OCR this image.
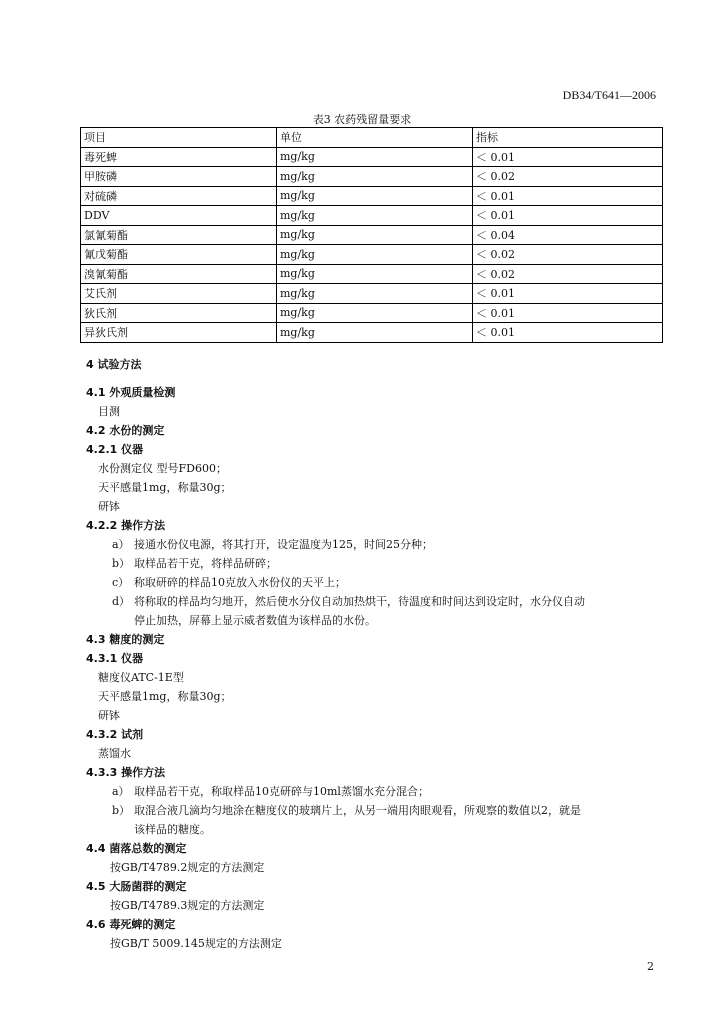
DB34/T641—2006
表3 农药残留量要求
项目	单位	指标
毒死蜱	mg/kg	＜ 0.01
甲胺磷	mg/kg	＜ 0.02
对硫磷	mg/kg	＜ 0.01
DDV	mg/kg	＜ 0.01
氯氰菊酯	mg/kg	＜ 0.04
氰戊菊酯	mg/kg	＜ 0.02
溴氰菊酯	mg/kg	＜ 0.02
艾氏剂	mg/kg	＜ 0.01
狄氏剂	mg/kg	＜ 0.01
异狄氏剂	mg/kg	＜ 0.01
4 试验方法
4.1 外观质量检测
目测
4.2 水份的测定
4.2.1 仪器
水份测定仪 型号FD600；
天平感量1mg，称量30g；
研钵
4.2.2 操作方法
a） 接通水份仪电源，将其打开，设定温度为125，时间25分种；
b） 取样品若干克，将样品研碎；
c） 称取研碎的样品10克放入水份仪的天平上；
d） 将称取的样品均匀地开，然后使水分仪自动加热烘干，待温度和时间达到设定时，水分仪自动
停止加热，屏幕上显示威者数值为该样品的水份。
4.3 糖度的测定
4.3.1 仪器
糖度仪ATC-1E型
天平感量1mg，称量30g；
研钵
4.3.2 试剂
蒸馏水
4.3.3 操作方法
a） 取样品若干克，称取样品10克研碎与10ml蒸馏水充分混合；
b） 取混合液几滴均匀地涂在糖度仪的玻璃片上，从另一端用肉眼观看，所观察的数值以2，就是
该样品的糖度。
4.4 菌落总数的测定
按GB/T4789.2规定的方法测定
4.5 大肠菌群的测定
按GB/T4789.3规定的方法测定
4.6 毒死蜱的测定
按GB/T 5009.145规定的方法测定
2
